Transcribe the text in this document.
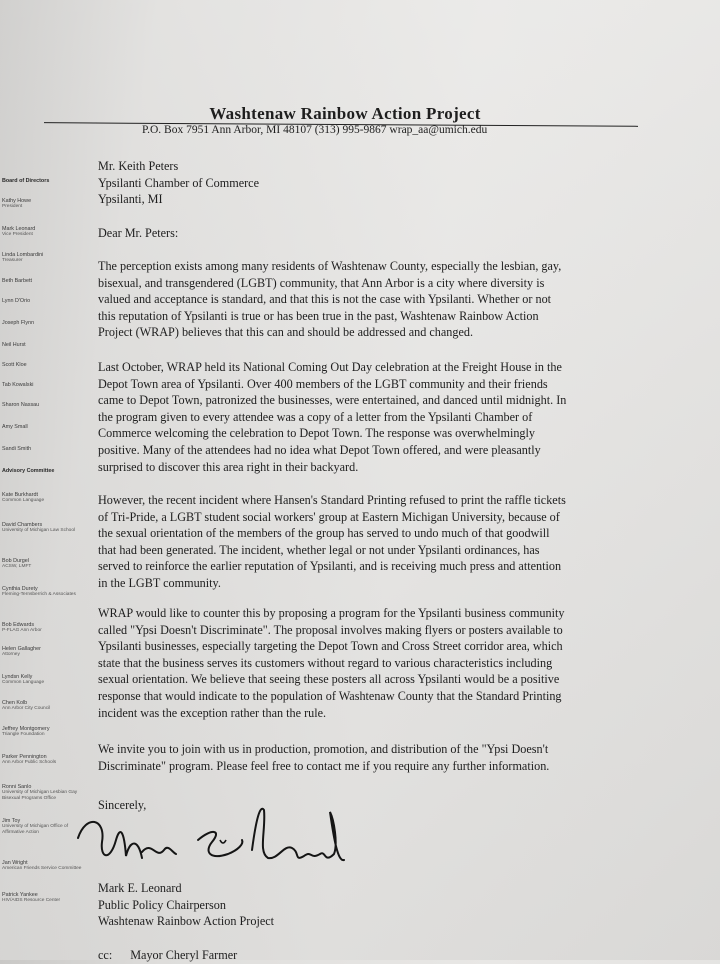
Washtenaw Rainbow Action Project
P.O. Box 7951 Ann Arbor, MI 48107 (313) 995-9867 wrap_aa@umich.edu
Board of Directors
Kathy Howe
President
Mark Leonard
Vice President
Linda Lombardini
Treasurer
Beth Barbett
Lynn D'Orio
Joseph Flynn
Neil Hurst
Scott Kloe
Tab Kowalski
Sharon Nassau
Amy Small
Sandi Smith
Advisory Committee
Kate Burkhardt
Common Language
David Chambers
University of Michigan Law School
Bob Durgel
ACSW, LMFT
Cynthia Durety
Fleming-Ternsberrich & Associates
Bob Edwards
P-FLAG Ann Arbor
Helen Gallagher
Attorney
Lyndsn Kelly
Common Language
Chen Kolb
Ann Arbor City Council
Jeffrey Montgomery
Triangle Foundation
Parker Pennington
Ann Arbor Public Schools
Ronni Sanlo
University of Michigan Lesbian Gay Bisexual Programs Office
Jim Toy
University of Michigan Office of Affirmative Action
Jan Wright
American Friends Service Committee
Patrick Yankee
HIV/AIDS Resource Center
Mr. Keith Peters
Ypsilanti Chamber of Commerce
Ypsilanti, MI
Dear Mr. Peters:
The perception exists among many residents of Washtenaw County, especially the lesbian, gay,
bisexual, and transgendered (LGBT) community, that Ann Arbor is a city where diversity is
valued and acceptance is standard, and that this is not the case with Ypsilanti. Whether or not
this reputation of Ypsilanti is true or has been true in the past, Washtenaw Rainbow Action
Project (WRAP) believes that this can and should be addressed and changed.
Last October, WRAP held its National Coming Out Day celebration at the Freight House in the
Depot Town area of Ypsilanti. Over 400 members of the LGBT community and their friends
came to Depot Town, patronized the businesses, were entertained, and danced until midnight. In
the program given to every attendee was a copy of a letter from the Ypsilanti Chamber of
Commerce welcoming the celebration to Depot Town. The response was overwhelmingly
positive. Many of the attendees had no idea what Depot Town offered, and were pleasantly
surprised to discover this area right in their backyard.
However, the recent incident where Hansen's Standard Printing refused to print the raffle tickets
of Tri-Pride, a LGBT student social workers' group at Eastern Michigan University, because of
the sexual orientation of the members of the group has served to undo much of that goodwill
that had been generated. The incident, whether legal or not under Ypsilanti ordinances, has
served to reinforce the earlier reputation of Ypsilanti, and is receiving much press and attention
in the LGBT community.
WRAP would like to counter this by proposing a program for the Ypsilanti business community
called "Ypsi Doesn't Discriminate". The proposal involves making flyers or posters available to
Ypsilanti businesses, especially targeting the Depot Town and Cross Street corridor area, which
state that the business serves its customers without regard to various characteristics including
sexual orientation. We believe that seeing these posters all across Ypsilanti would be a positive
response that would indicate to the population of Washtenaw County that the Standard Printing
incident was the exception rather than the rule.
We invite you to join with us in production, promotion, and distribution of the "Ypsi Doesn't
Discriminate" program. Please feel free to contact me if you require any further information.
Sincerely,
Mark E. Leonard
Public Policy Chairperson
Washtenaw Rainbow Action Project
cc: Mayor Cheryl Farmer
